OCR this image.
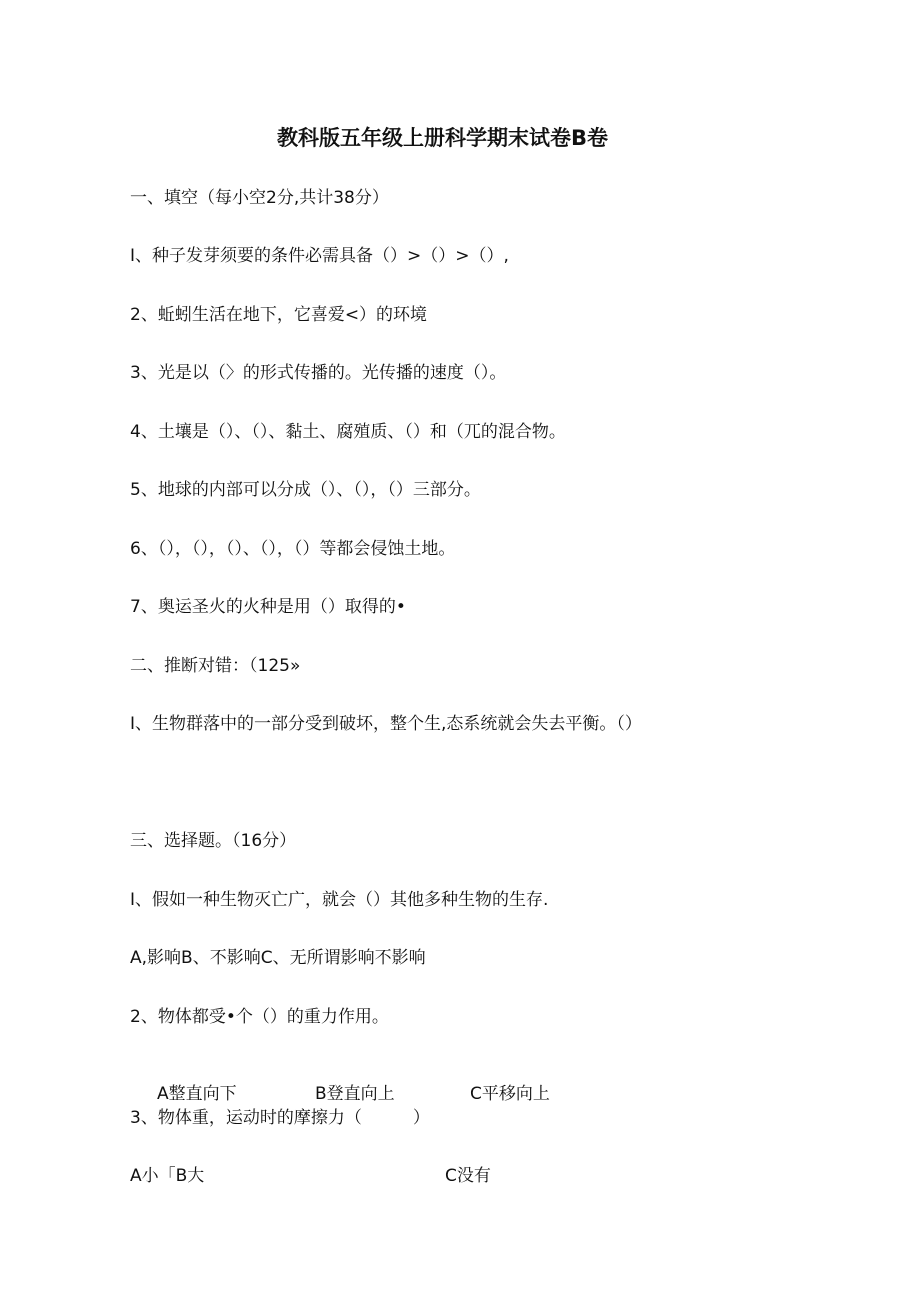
教科版五年级上册科学期末试卷B卷
一、填空（每小空2分,共计38分）
I、种子发芽须要的条件必需具备（）>（）>（）,
2、蚯蚓生活在地下，它喜爱<）的环境
3、光是以（〉的形式传播的。光传播的速度（）。
4、土壤是（）、（）、黏土、腐殖质、（）和（兀的混合物。
5、地球的内部可以分成（）、（），（）三部分。
6、（），（），（）、（），（）等都会侵蚀土地。
7、奥运圣火的火种是用（）取得的•
二、推断对错：（125»
I、生物群落中的一部分受到破坏，整个生,态系统就会失去平衡。（）
三、选择题。（16分）
I、假如一种生物灭亡广，就会（）其他多种生物的生存.
A,影响B、不影响C、无所谓影响不影响
2、物体都受•个（）的重力作用。
A整直向下	B登直向上	C平移向上
3、物体重，运动时的摩擦力（　　　）
A小「B大	C没有
